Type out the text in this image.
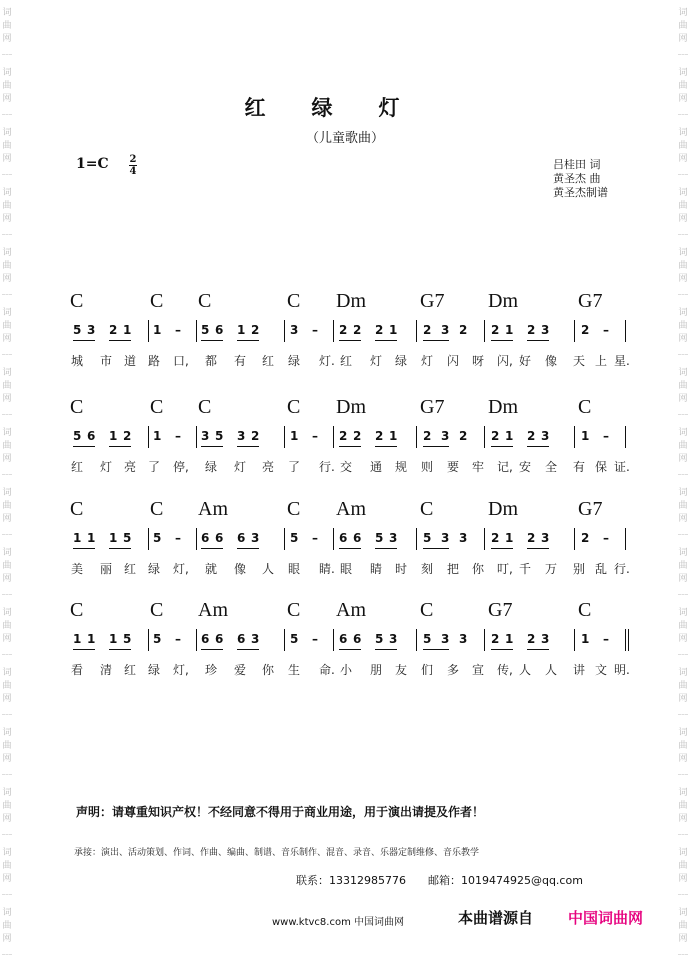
词
曲
网
词
曲
网
词
曲
网
词
曲
网
词
曲
网
词
曲
网
词
曲
网
词
曲
网
词
曲
网
词
曲
网
词
曲
网
词
曲
网
词
曲
网
词
曲
网
词
曲
网
词
曲
网
词
曲
网
词
曲
网
词
曲
网
词
曲
网
词
曲
网
词
曲
网
词
曲
网
词
曲
网
词
曲
网
词
曲
网
词
曲
网
词
曲
网
词
曲
网
词
曲
网
词
曲
网
词
曲
网
红绿灯
（儿童歌曲）
1=C 2
4
吕桂田 词
黄圣杰 曲
黄圣杰制谱
C	C C	C Dm	G7 Dm	G7
5 3 2 1 1 – 5 6 1 2	3 – 2 2 2 1 2 3 2 2 1 2 3	2 –
城 市 道 路 口, 都 有 红 绿 灯. 红 灯 绿 灯 闪 呀 闪, 好 像 天 上 星.
C	C C	C Dm	G7 Dm	C
5 6 1 2 1 – 3 5 3 2	1 – 2 2 2 1 2 3 2 2 1 2 3	1 –
红 灯 亮 了 停, 绿 灯 亮 了 行. 交 通 规 则 要 牢 记, 安 全 有 保 证.
C	C Am	C Am	C	Dm	G7
1 1 1 5 5 – 6 6 6 3	5 – 6 6 5 3 5 3 3 2 1 2 3	2 –
美 丽 红 绿 灯, 就 像 人 眼 睛. 眼 睛 时 刻 把 你 叮, 千 万 别 乱 行.
C	C Am	C Am	C	G7	C
1 1 1 5 5 – 6 6 6 3	5 – 6 6 5 3 5 3 3 2 1 2 3	1 –
看 清 红 绿 灯, 珍 爱 你 生 命. 小 朋 友 们 多 宣 传, 人 人 讲 文 明.
声明：请尊重知识产权！不经同意不得用于商业用途，用于演出请提及作者！
承接：演出、活动策划、作词、作曲、编曲、制谱、音乐制作、混音、录音、乐器定制维修、音乐教学
联系：13312985776 邮箱：1019474925@qq.com
www.ktvc8.com 中国词曲网	本曲谱源自 中国词曲网
